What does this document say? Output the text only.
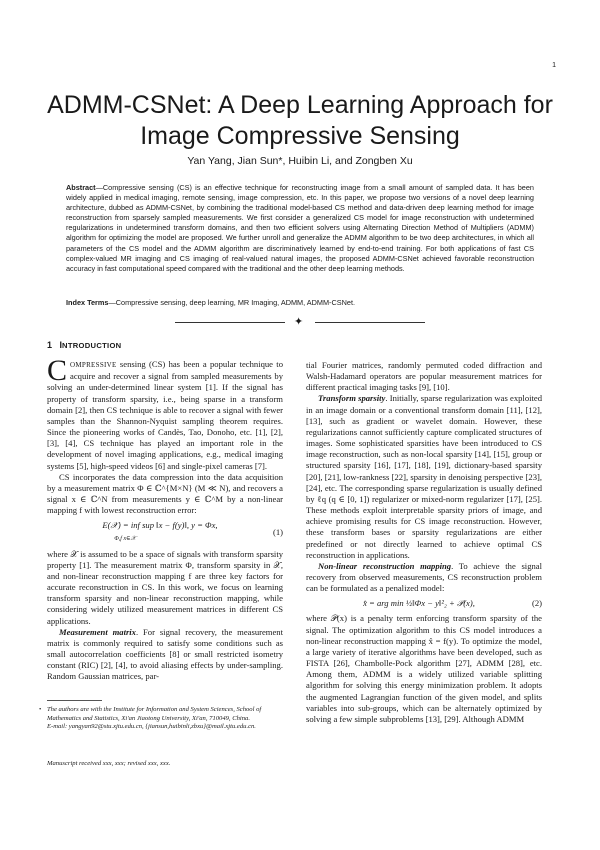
1
ADMM-CSNet: A Deep Learning Approach for Image Compressive Sensing
Yan Yang, Jian Sun*, Huibin Li, and Zongben Xu
Abstract—Compressive sensing (CS) is an effective technique for reconstructing image from a small amount of sampled data. It has been widely applied in medical imaging, remote sensing, image compression, etc. In this paper, we propose two versions of a novel deep learning architecture, dubbed as ADMM-CSNet, by combining the traditional model-based CS method and data-driven deep learning method for image reconstruction from sparsely sampled measurements. We first consider a generalized CS model for image reconstruction with undetermined regularizations in undetermined transform domains, and then two efficient solvers using Alternating Direction Method of Multipliers (ADMM) algorithm for optimizing the model are proposed. We further unroll and generalize the ADMM algorithm to be two deep architectures, in which all parameters of the CS model and the ADMM algorithm are discriminatively learned by end-to-end training. For both applications of fast CS complex-valued MR imaging and CS imaging of real-valued natural images, the proposed ADMM-CSNet achieved favorable reconstruction accuracy in fast computational speed compared with the traditional and the other deep learning methods.
Index Terms—Compressive sensing, deep learning, MR Imaging, ADMM, ADMM-CSNet.
✦
1 INTRODUCTION

COMPRESSIVE sensing (CS) has been a popular technique to acquire and recover a signal from sampled measurements by solving an under-determined linear system [1]. If the signal has property of transform sparsity, i.e., being sparse in a transform domain [2], then CS technique is able to recover a signal with fewer samples than the Shannon-Nyquist sampling theorem requires. Since the pioneering works of Candès, Tao, Donoho, etc. [1], [2], [3], [4], CS technique has played an important role in the development of novel imaging applications, e.g., medical imaging systems [5], high-speed videos [6] and single-pixel cameras [7].

CS incorporates the data compression into the data acquisition by a measurement matrix Φ ∈ ℂ^{M×N} (M ≪ N), and recovers a signal x ∈ ℂ^N from measurements y ∈ ℂ^M by a non-linear mapping f with lowest reconstruction error:

E(𝒳) = inf sup ‖x − f(y)‖, y = Φx,
Φ,f x∈𝒳
(1)

where 𝒳 is assumed to be a space of signals with transform sparsity property [1]. The measurement matrix Φ, transform sparsity in 𝒳, and non-linear reconstruction mapping f are three key factors for accurate reconstruction in CS. In this work, we focus on learning transform sparsity and non-linear reconstruction mapping, while considering widely utilized measurement matrices in different CS applications.

Measurement matrix. For signal recovery, the measurement matrix is commonly required to satisfy some conditions such as small autocorrelation coefficients [8] or small restricted isometry constant (RIC) [2], [4], to avoid aliasing effects by under-sampling. Random Gaussian matrices, par-

tial Fourier matrices, randomly permuted coded diffraction and Walsh-Hadamard operators are popular measurement matrices for different practical imaging tasks [9], [10].

Transform sparsity. Initially, sparse regularization was exploited in an image domain or a conventional transform domain [11], [12], [13], such as gradient or wavelet domain. However, these regularizations cannot sufficiently capture complicated structures of images. Some sophisticated sparsities have been introduced to CS image reconstruction, such as non-local sparsity [14], [15], group or structured sparsity [16], [17], [18], [19], dictionary-based sparsity [20], [21], low-rankness [22], sparsity in denoising perspective [23], [24], etc. The corresponding sparse regularization is usually defined by ℓq (q ∈ [0, 1]) regularizer or mixed-norm regularizer [17], [25]. These methods exploit interpretable sparsity priors of image, and achieve promising results for CS image reconstruction. However, these transform bases or sparsity regularizations are either predefined or not directly learned to achieve optimal CS reconstruction in applications.

Non-linear reconstruction mapping. To achieve the signal recovery from observed measurements, CS reconstruction problem can be formulated as a penalized model:

x̂ = arg min ½‖Φx − y‖²₂ + 𝒫(x),	(2)

where 𝒫(x) is a penalty term enforcing transform sparsity of the signal. The optimization algorithm to this CS model introduces a non-linear reconstruction mapping x̂ = f(y). To optimize the model, a large variety of iterative algorithms have been developed, such as FISTA [26], Chambolle-Pock algorithm [27], ADMM [28], etc. Among them, ADMM is a widely utilized variable splitting algorithm for solving this energy minimization problem. It adopts the augmented Lagrangian function of the given model, and splits variables into sub-groups, which can be alternately optimized by solving a few simple subproblems [13], [29]. Although ADMM

• The authors are with the Institute for Information and System Sciences, School of Mathematics and Statistics, Xi'an Jiaotong University, Xi'an, 710049, China.
E-mail: yangyan92@stu.xjtu.edu.cn, {jiansun,huibinli,zbxu}@mail.xjtu.edu.cn.
Manuscript received xxx, xxx; revised xxx, xxx.
